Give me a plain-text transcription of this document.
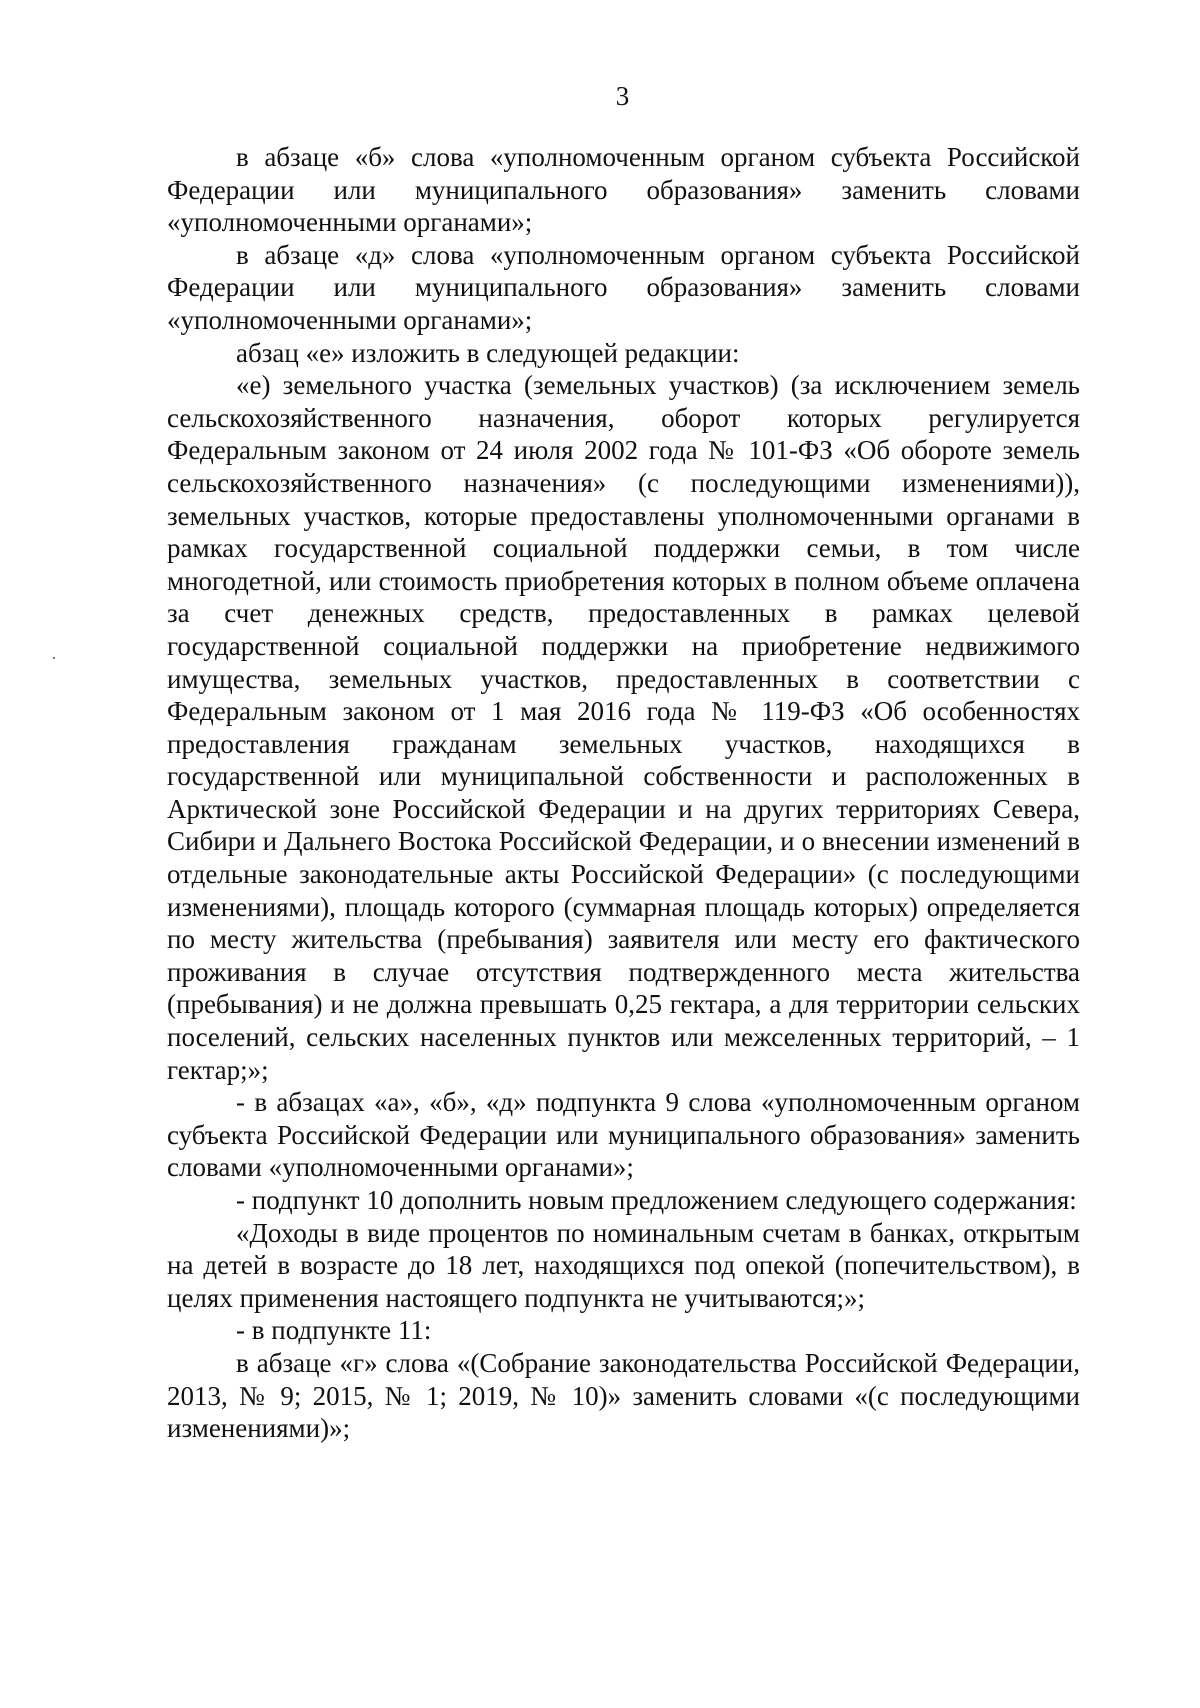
3

в абзаце «б» слова «уполномоченным органом субъекта Российской Федерации или муниципального образования» заменить словами «уполномоченными органами»;

в абзаце «д» слова «уполномоченным органом субъекта Российской Федерации или муниципального образования» заменить словами «уполномоченными органами»;

абзац «е» изложить в следующей редакции:

«е) земельного участка (земельных участков) (за исключением земель сельскохозяйственного назначения, оборот которых регулируется Федеральным законом от 24 июля 2002 года № 101-ФЗ «Об обороте земель сельскохозяйственного назначения» (с последующими изменениями)), земельных участков, которые предоставлены уполномоченными органами в рамках государственной социальной поддержки семьи, в том числе многодетной, или стоимость приобретения которых в полном объеме оплачена за счет денежных средств, предоставленных в рамках целевой государственной социальной поддержки на приобретение недвижимого имущества, земельных участков, предоставленных в соответствии с Федеральным законом от 1 мая 2016 года № 119-ФЗ «Об особенностях предоставления гражданам земельных участков, находящихся в государственной или муниципальной собственности и расположенных в Арктической зоне Российской Федерации и на других территориях Севера, Сибири и Дальнего Востока Российской Федерации, и о внесении изменений в отдельные законодательные акты Российской Федерации» (с последующими изменениями), площадь которого (суммарная площадь которых) определяется по месту жительства (пребывания) заявителя или месту его фактического проживания в случае отсутствия подтвержденного места жительства (пребывания) и не должна превышать 0,25 гектара, а для территории сельских поселений, сельских населенных пунктов или межселенных территорий, – 1 гектар;»;

- в абзацах «а», «б», «д» подпункта 9 слова «уполномоченным органом субъекта Российской Федерации или муниципального образования» заменить словами «уполномоченными органами»;

- подпункт 10 дополнить новым предложением следующего содержания:

«Доходы в виде процентов по номинальным счетам в банках, открытым на детей в возрасте до 18 лет, находящихся под опекой (попечительством), в целях применения настоящего подпункта не учитываются;»;

- в подпункте 11:

в абзаце «г» слова «(Собрание законодательства Российской Федерации, 2013, № 9; 2015, № 1; 2019, № 10)» заменить словами «(с последующими изменениями)»;
